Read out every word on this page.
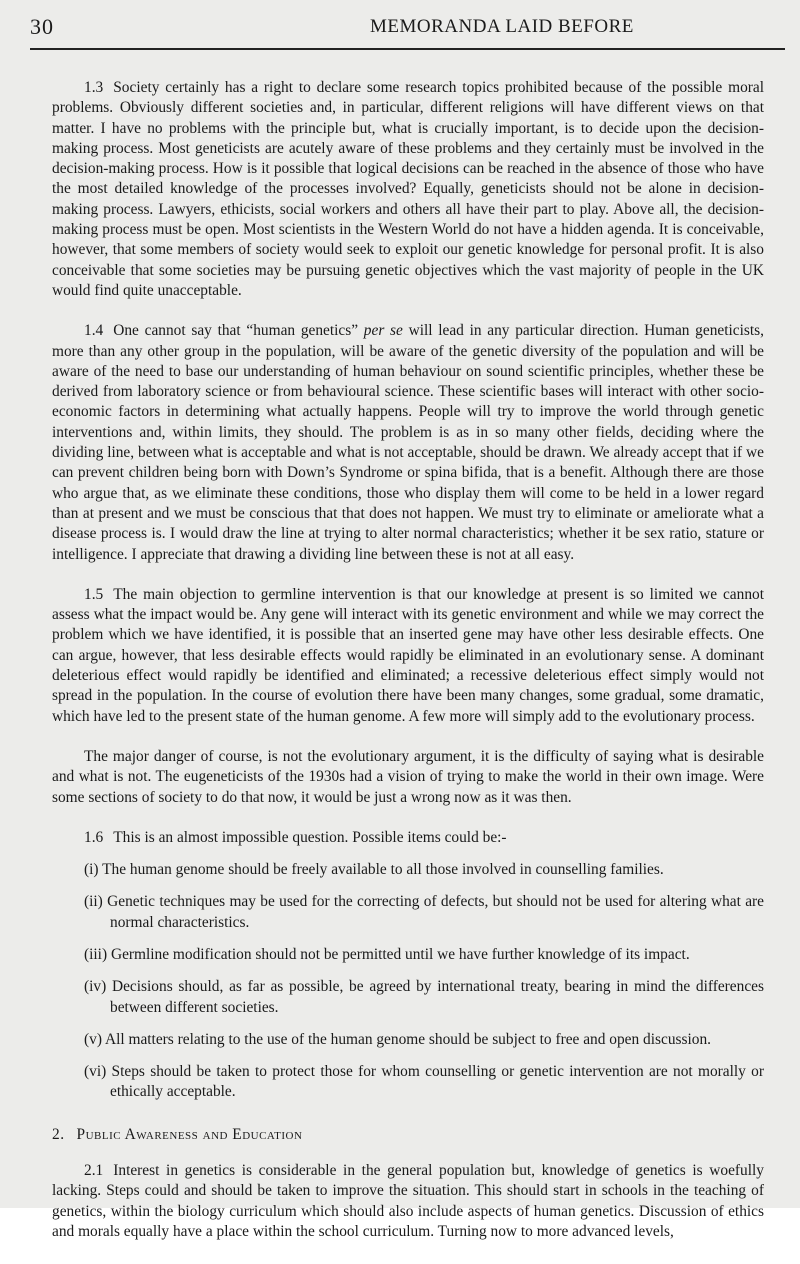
30	MEMORANDA LAID BEFORE

1.3 Society certainly has a right to declare some research topics prohibited because of the possible moral problems. Obviously different societies and, in particular, different religions will have different views on that matter. I have no problems with the principle but, what is crucially important, is to decide upon the decision-making process. Most geneticists are acutely aware of these problems and they certainly must be involved in the decision-making process. How is it possible that logical decisions can be reached in the absence of those who have the most detailed knowledge of the processes involved? Equally, geneticists should not be alone in decision-making process. Lawyers, ethicists, social workers and others all have their part to play. Above all, the decision-making process must be open. Most scientists in the Western World do not have a hidden agenda. It is conceivable, however, that some members of society would seek to exploit our genetic knowledge for personal profit. It is also conceivable that some societies may be pursuing genetic objectives which the vast majority of people in the UK would find quite unacceptable.

1.4 One cannot say that “human genetics” per se will lead in any particular direction. Human geneticists, more than any other group in the population, will be aware of the genetic diversity of the population and will be aware of the need to base our understanding of human behaviour on sound scientific principles, whether these be derived from laboratory science or from behavioural science. These scientific bases will interact with other socio-economic factors in determining what actually happens. People will try to improve the world through genetic interventions and, within limits, they should. The problem is as in so many other fields, deciding where the dividing line, between what is acceptable and what is not acceptable, should be drawn. We already accept that if we can prevent children being born with Down’s Syndrome or spina bifida, that is a benefit. Although there are those who argue that, as we eliminate these conditions, those who display them will come to be held in a lower regard than at present and we must be conscious that that does not happen. We must try to eliminate or ameliorate what a disease process is. I would draw the line at trying to alter normal characteristics; whether it be sex ratio, stature or intelligence. I appreciate that drawing a dividing line between these is not at all easy.

1.5 The main objection to germline intervention is that our knowledge at present is so limited we cannot assess what the impact would be. Any gene will interact with its genetic environment and while we may correct the problem which we have identified, it is possible that an inserted gene may have other less desirable effects. One can argue, however, that less desirable effects would rapidly be eliminated in an evolutionary sense. A dominant deleterious effect would rapidly be identified and eliminated; a recessive deleterious effect simply would not spread in the population. In the course of evolution there have been many changes, some gradual, some dramatic, which have led to the present state of the human genome. A few more will simply add to the evolutionary process.

The major danger of course, is not the evolutionary argument, it is the difficulty of saying what is desirable and what is not. The eugeneticists of the 1930s had a vision of trying to make the world in their own image. Were some sections of society to do that now, it would be just a wrong now as it was then.

1.6 This is an almost impossible question. Possible items could be:-

(i) The human genome should be freely available to all those involved in counselling families.
(ii) Genetic techniques may be used for the correcting of defects, but should not be used for altering what are normal characteristics.
(iii) Germline modification should not be permitted until we have further knowledge of its impact.
(iv) Decisions should, as far as possible, be agreed by international treaty, bearing in mind the differences between different societies.
(v) All matters relating to the use of the human genome should be subject to free and open discussion.
(vi) Steps should be taken to protect those for whom counselling or genetic intervention are not morally or ethically acceptable.
2. Public Awareness and Education

2.1 Interest in genetics is considerable in the general population but, knowledge of genetics is woefully lacking. Steps could and should be taken to improve the situation. This should start in schools in the teaching of genetics, within the biology curriculum which should also include aspects of human genetics. Discussion of ethics and morals equally have a place within the school curriculum. Turning now to more advanced levels,
